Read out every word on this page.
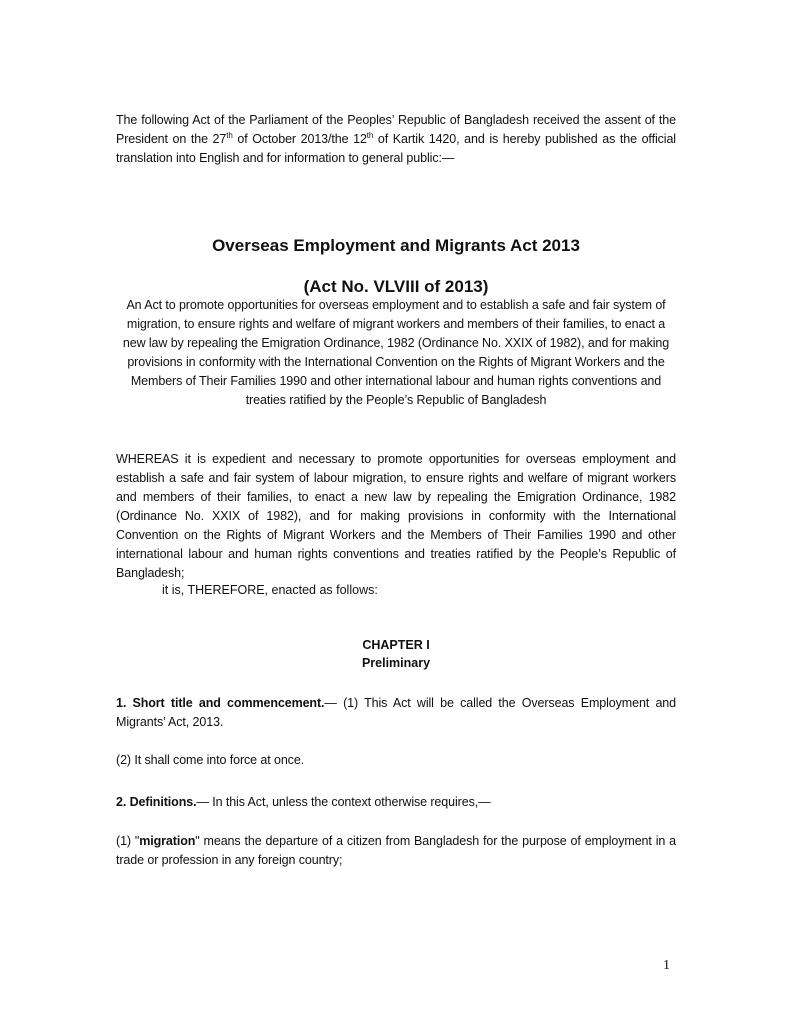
The following Act of the Parliament of the Peoples’ Republic of Bangladesh received the assent of the President on the 27th of October 2013/the 12th of Kartik 1420, and is hereby published as the official translation into English and for information to general public:—

Overseas Employment and Migrants Act 2013
(Act No. VLVIII of 2013)

An Act to promote opportunities for overseas employment and to establish a safe and fair system of migration, to ensure rights and welfare of migrant workers and members of their families, to enact a new law by repealing the Emigration Ordinance, 1982 (Ordinance No. XXIX of 1982), and for making provisions in conformity with the International Convention on the Rights of Migrant Workers and the Members of Their Families 1990 and other international labour and human rights conventions and treaties ratified by the People’s Republic of Bangladesh

WHEREAS it is expedient and necessary to promote opportunities for overseas employment and establish a safe and fair system of labour migration, to ensure rights and welfare of migrant workers and members of their families, to enact a new law by repealing the Emigration Ordinance, 1982 (Ordinance No. XXIX of 1982), and for making provisions in conformity with the International Convention on the Rights of Migrant Workers and the Members of Their Families 1990 and other international labour and human rights conventions and treaties ratified by the People’s Republic of Bangladesh;

it is, THEREFORE, enacted as follows:
CHAPTER I
Preliminary

1. Short title and commencement.— (1) This Act will be called the Overseas Employment and Migrants’ Act, 2013.

(2) It shall come into force at once.

2. Definitions.— In this Act, unless the context otherwise requires,—

(1) "migration" means the departure of a citizen from Bangladesh for the purpose of employment in a trade or profession in any foreign country;

1
